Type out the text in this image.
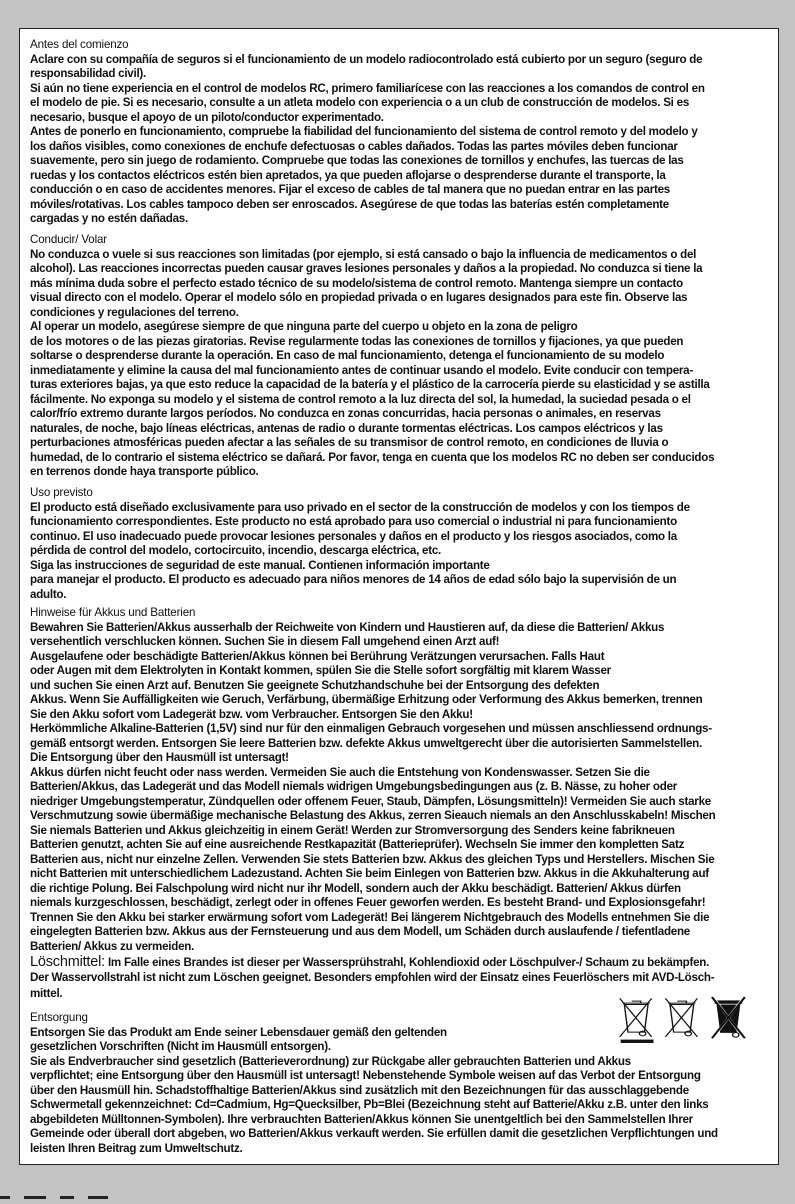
Antes del comienzo
Aclare con su compañía de seguros si el funcionamiento de un modelo radiocontrolado está cubierto por un seguro (seguro de
responsabilidad civil).
Si aún no tiene experiencia en el control de modelos RC, primero familiarícese con las reacciones a los comandos de control en
el modelo de pie. Si es necesario, consulte a un atleta modelo con experiencia o a un club de construcción de modelos. Si es
necesario, busque el apoyo de un piloto/conductor experimentado.
Antes de ponerlo en funcionamiento, compruebe la fiabilidad del funcionamiento del sistema de control remoto y del modelo y
los daños visibles, como conexiones de enchufe defectuosas o cables dañados. Todas las partes móviles deben funcionar
suavemente, pero sin juego de rodamiento. Compruebe que todas las conexiones de tornillos y enchufes, las tuercas de las
ruedas y los contactos eléctricos estén bien apretados, ya que pueden aflojarse o desprenderse durante el transporte, la
conducción o en caso de accidentes menores. Fijar el exceso de cables de tal manera que no puedan entrar en las partes
móviles/rotativas. Los cables tampoco deben ser enroscados. Asegúrese de que todas las baterías estén completamente
cargadas y no estén dañadas.
Conducir/ Volar
No conduzca o vuele si sus reacciones son limitadas (por ejemplo, si está cansado o bajo la influencia de medicamentos o del
alcohol). Las reacciones incorrectas pueden causar graves lesiones personales y daños a la propiedad. No conduzca si tiene la
más mínima duda sobre el perfecto estado técnico de su modelo/sistema de control remoto. Mantenga siempre un contacto
visual directo con el modelo. Operar el modelo sólo en propiedad privada o en lugares designados para este fin. Observe las
condiciones y regulaciones del terreno.
Al operar un modelo, asegúrese siempre de que ninguna parte del cuerpo u objeto en la zona de peligro
de los motores o de las piezas giratorias. Revise regularmente todas las conexiones de tornillos y fijaciones, ya que pueden
soltarse o desprenderse durante la operación. En caso de mal funcionamiento, detenga el funcionamiento de su modelo
inmediatamente y elimine la causa del mal funcionamiento antes de continuar usando el modelo. Evite conducir con tempera-
turas exteriores bajas, ya que esto reduce la capacidad de la batería y el plástico de la carrocería pierde su elasticidad y se astilla
fácilmente. No exponga su modelo y el sistema de control remoto a la luz directa del sol, la humedad, la suciedad pesada o el
calor/frío extremo durante largos períodos. No conduzca en zonas concurridas, hacia personas o animales, en reservas
naturales, de noche, bajo líneas eléctricas, antenas de radio o durante tormentas eléctricas. Los campos eléctricos y las
perturbaciones atmosféricas pueden afectar a las señales de su transmisor de control remoto, en condiciones de lluvia o
humedad, de lo contrario el sistema eléctrico se dañará. Por favor, tenga en cuenta que los modelos RC no deben ser conducidos
en terrenos donde haya transporte público.
Uso previsto
El producto está diseñado exclusivamente para uso privado en el sector de la construcción de modelos y con los tiempos de
funcionamiento correspondientes. Este producto no está aprobado para uso comercial o industrial ni para funcionamiento
continuo. El uso inadecuado puede provocar lesiones personales y daños en el producto y los riesgos asociados, como la
pérdida de control del modelo, cortocircuito, incendio, descarga eléctrica, etc.
Siga las instrucciones de seguridad de este manual. Contienen información importante
para manejar el producto. El producto es adecuado para niños menores de 14 años de edad sólo bajo la supervisión de un
adulto.
Hinweise für Akkus und Batterien
Bewahren Sie Batterien/Akkus ausserhalb der Reichweite von Kindern und Haustieren auf, da diese die Batterien/ Akkus
versehentlich verschlucken können. Suchen Sie in diesem Fall umgehend einen Arzt auf!
Ausgelaufene oder beschädigte Batterien/Akkus können bei Berührung Verätzungen verursachen. Falls Haut
oder Augen mit dem Elektrolyten in Kontakt kommen, spülen Sie die Stelle sofort sorgfältig mit klarem Wasser
und suchen Sie einen Arzt auf. Benutzen Sie geeignete Schutzhandschuhe bei der Entsorgung des defekten
Akkus. Wenn Sie Auffälligkeiten wie Geruch, Verfärbung, übermäßige Erhitzung oder Verformung des Akkus bemerken, trennen
Sie den Akku sofort vom Ladegerät bzw. vom Verbraucher. Entsorgen Sie den Akku!
Herkömmliche Alkaline-Batterien (1,5V) sind nur für den einmaligen Gebrauch vorgesehen und müssen anschliessend ordnungs-
gemäß entsorgt werden. Entsorgen Sie leere Batterien bzw. defekte Akkus umweltgerecht über die autorisierten Sammelstellen.
Die Entsorgung über den Hausmüll ist untersagt!
Akkus dürfen nicht feucht oder nass werden. Vermeiden Sie auch die Entstehung von Kondenswasser. Setzen Sie die
Batterien/Akkus, das Ladegerät und das Modell niemals widrigen Umgebungsbedingungen aus (z. B. Nässe, zu hoher oder
niedriger Umgebungstemperatur, Zündquellen oder offenem Feuer, Staub, Dämpfen, Lösungsmitteln)! Vermeiden Sie auch starke
Verschmutzung sowie übermäßige mechanische Belastung des Akkus, zerren Sieauch niemals an den Anschlusskabeln! Mischen
Sie niemals Batterien und Akkus gleichzeitig in einem Gerät! Werden zur Stromversorgung des Senders keine fabrikneuen
Batterien genutzt, achten Sie auf eine ausreichende Restkapazität (Batterieprüfer). Wechseln Sie immer den kompletten Satz
Batterien aus, nicht nur einzelne Zellen. Verwenden Sie stets Batterien bzw. Akkus des gleichen Typs und Herstellers. Mischen Sie
nicht Batterien mit unterschiedlichem Ladezustand. Achten Sie beim Einlegen von Batterien bzw. Akkus in die Akkuhalterung auf
die richtige Polung. Bei Falschpolung wird nicht nur ihr Modell, sondern auch der Akku beschädigt. Batterien/ Akkus dürfen
niemals kurzgeschlossen, beschädigt, zerlegt oder in offenes Feuer geworfen werden. Es besteht Brand- und Explosionsgefahr!
Trennen Sie den Akku bei starker erwärmung sofort vom Ladegerät! Bei längerem Nichtgebrauch des Modells entnehmen Sie die
eingelegten Batterien bzw. Akkus aus der Fernsteuerung und aus dem Modell, um Schäden durch auslaufende / tiefentladene
Batterien/ Akkus zu vermeiden.
Löschmittel: Im Falle eines Brandes ist dieser per Wassersprühstrahl, Kohlendioxid oder Löschpulver-/ Schaum zu bekämpfen.
Der Wasservollstrahl ist nicht zum Löschen geeignet. Besonders empfohlen wird der Einsatz eines Feuerlöschers mit AVD-Lösch-
mittel.
Entsorgung
Entsorgen Sie das Produkt am Ende seiner Lebensdauer gemäß den geltenden
gesetzlichen Vorschriften (Nicht im Hausmüll entsorgen).
Sie als Endverbraucher sind gesetzlich (Batterieverordnung) zur Rückgabe aller gebrauchten Batterien und Akkus
verpflichtet; eine Entsorgung über den Hausmüll ist untersagt! Nebenstehende Symbole weisen auf das Verbot der Entsorgung
über den Hausmüll hin. Schadstoffhaltige Batterien/Akkus sind zusätzlich mit den Bezeichnungen für das ausschlaggebende
Schwermetall gekennzeichnet: Cd=Cadmium, Hg=Quecksilber, Pb=Blei (Bezeichnung steht auf Batterie/Akku z.B. unter den links
abgebildeten Mülltonnen-Symbolen). Ihre verbrauchten Batterien/Akkus können Sie unentgeltlich bei den Sammelstellen Ihrer
Gemeinde oder überall dort abgeben, wo Batterien/Akkus verkauft werden. Sie erfüllen damit die gesetzlichen Verpflichtungen und
leisten Ihren Beitrag zum Umweltschutz.
